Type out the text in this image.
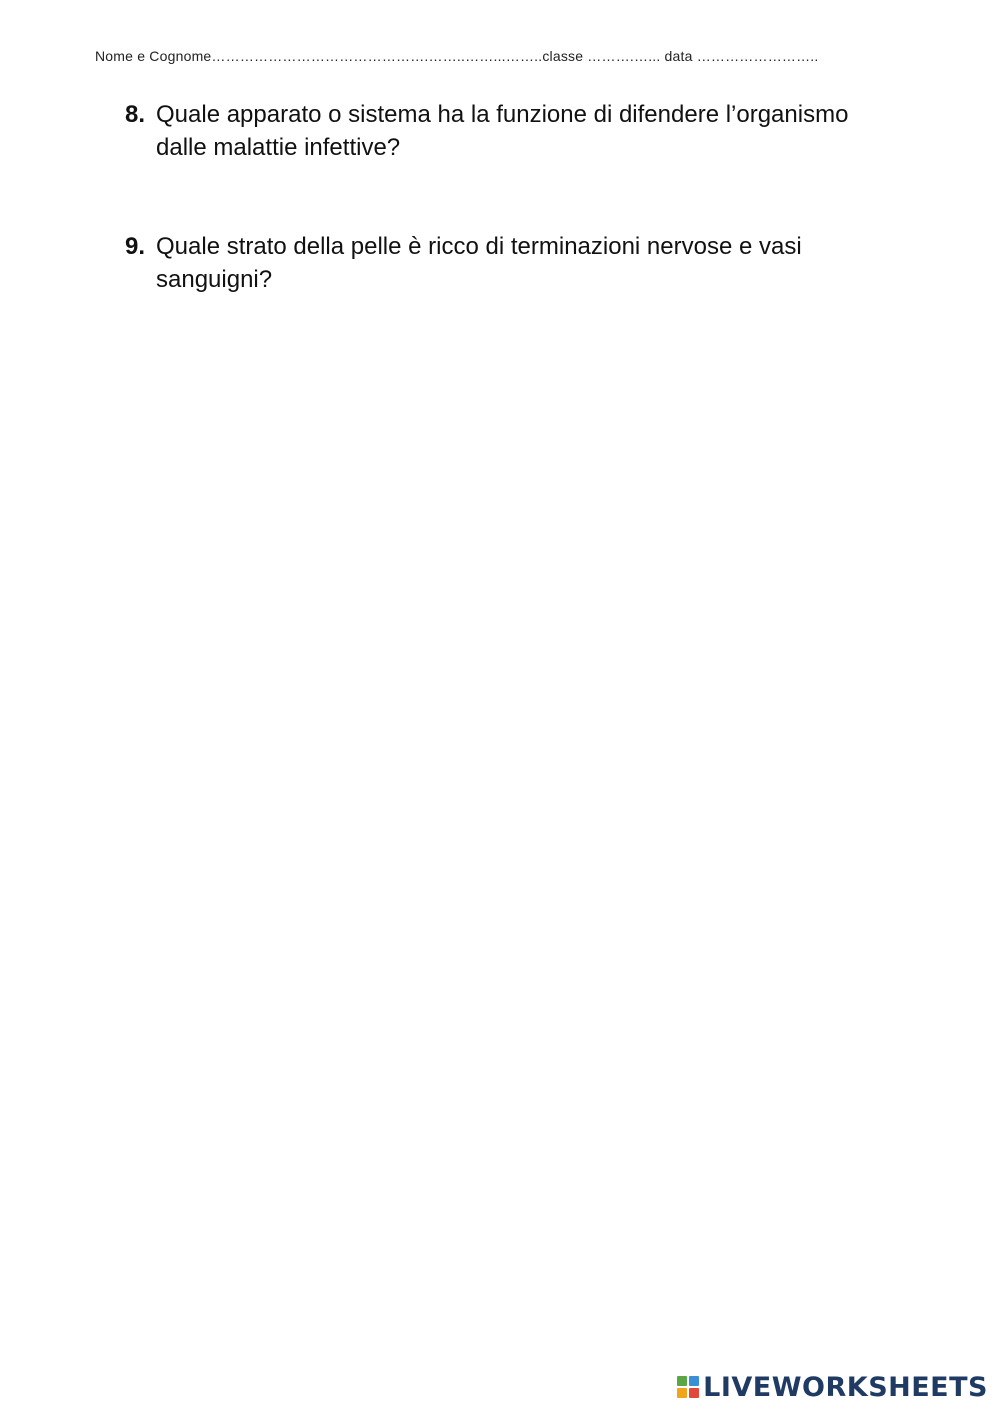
Nome e Cognome……………………………………….……..……...……..classe ……….…... data ……………………..
8. Quale apparato o sistema ha la funzione di difendere l’organismo dalle malattie infettive?
9. Quale strato della pelle è ricco di terminazioni nervose e vasi sanguigni?
LIVEWORKSHEETS
